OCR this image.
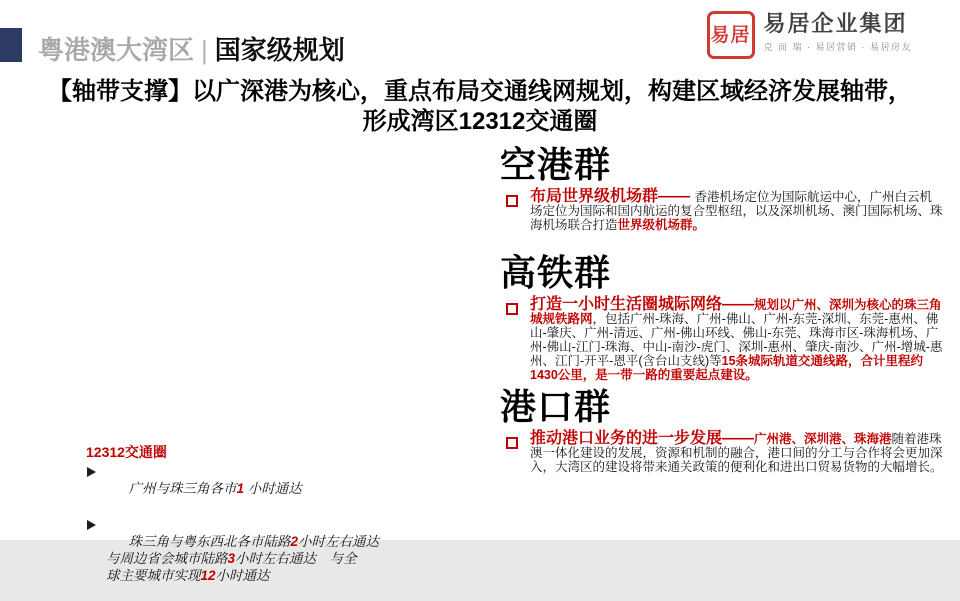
粤港澳大湾区 | 国家级规划	易居 易居企业集团
克 而 瑞 · 易居营销 · 易居房友
【轴带支撑】以广深港为核心，重点布局交通线网规划，构建区域经济发展轴带，
形成湾区12312交通圈
空港群
布局世界级机场群—— 香港机场定位为国际航运中心，广州白云机场定位为国际和国内航运的复合型枢纽，以及深圳机场、澳门国际机场、珠海机场联合打造世界级机场群。
高铁群
打造一小时生活圈城际网络——规划以广州、深圳为核心的珠三角城规铁路网，包括广州-珠海、广州-佛山、广州-东莞-深圳、东莞-惠州、佛山-肇庆、广州-清远、广州-佛山环线、佛山-东莞、珠海市区-珠海机场、广州-佛山-江门-珠海、中山-南沙-虎门、深圳-惠州、肇庆-南沙、广州-增城-惠州、江门-开平-恩平(含台山支线)等15条城际轨道交通线路，合计里程约1430公里，是一带一路的重要起点建设。
港口群
推动港口业务的进一步发展——广州港、深圳港、珠海港随着港珠澳一体化建设的发展，资源和机制的融合，港口间的分工与合作将会更加深入，大湾区的建设将带来通关政策的便利化和进出口贸易货物的大幅增长。
12312交通圈

广州与珠三角各市1 小时通达

珠三角与粤东西北各市陆路2小时左右通达
与周边省会城市陆路3小时左右通达　与全
球主要城市实现12小时通达
